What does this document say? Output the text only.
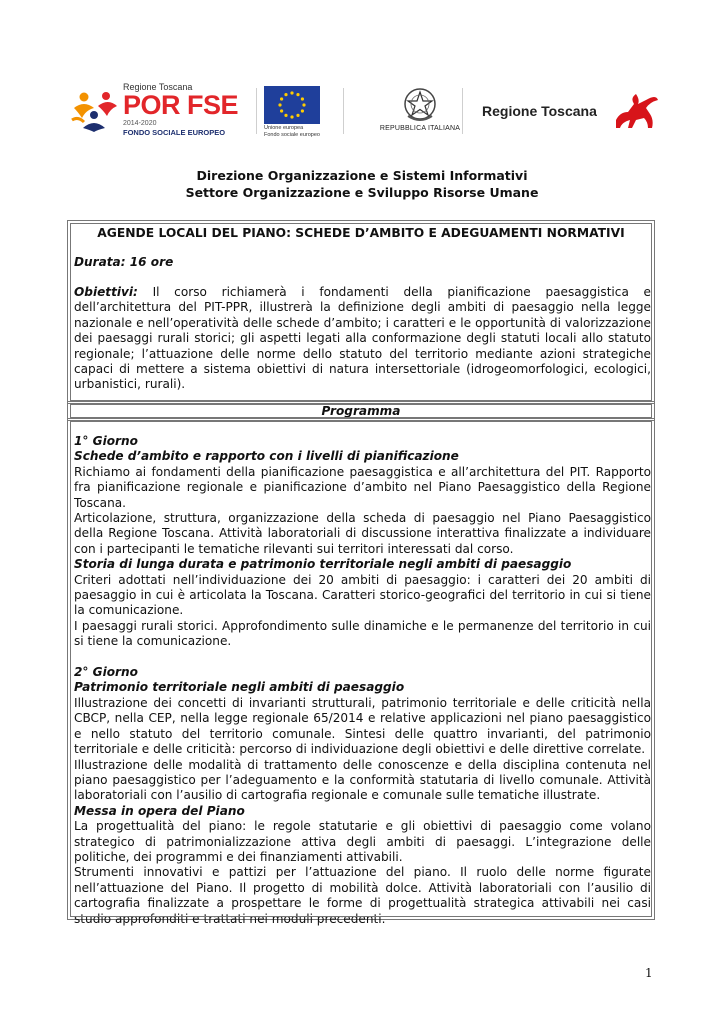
Regione Toscana
POR FSE
2014-2020
FONDO SOCIALE EUROPEO	Unione europea
Fondo sociale europeo
REPUBBLICA ITALIANA
Regione Toscana
Direzione Organizzazione e Sistemi Informativi
Settore Organizzazione e Sviluppo Risorse Umane
AGENDE LOCALI DEL PIANO: SCHEDE D’AMBITO E ADEGUAMENTI NORMATIVI
Durata: 16 ore
Obiettivi: Il corso richiamerà i fondamenti della pianificazione paesaggistica e dell’architettura del PIT-PPR, illustrerà la definizione degli ambiti di paesaggio nella legge nazionale e nell’operatività delle schede d’ambito; i caratteri e le opportunità di valorizzazione dei paesaggi rurali storici; gli aspetti legati alla conformazione degli statuti locali allo statuto regionale; l’attuazione delle norme dello statuto del territorio mediante azioni strategiche capaci di mettere a sistema obiettivi di natura intersettoriale (idrogeomorfologici, ecologici, urbanistici, rurali).
Programma
1° Giorno
Schede d’ambito e rapporto con i livelli di pianificazione
Richiamo ai fondamenti della pianificazione paesaggistica e all’architettura del PIT. Rapporto fra pianificazione regionale e pianificazione d’ambito nel Piano Paesaggistico della Regione Toscana.
Articolazione, struttura, organizzazione della scheda di paesaggio nel Piano Paesaggistico della Regione Toscana. Attività laboratoriali di discussione interattiva finalizzate a individuare con i partecipanti le tematiche rilevanti sui territori interessati dal corso.
Storia di lunga durata e patrimonio territoriale negli ambiti di paesaggio
Criteri adottati nell’individuazione dei 20 ambiti di paesaggio: i caratteri dei 20 ambiti di paesaggio in cui è articolata la Toscana. Caratteri storico-geografici del territorio in cui si tiene la comunicazione.
I paesaggi rurali storici. Approfondimento sulle dinamiche e le permanenze del territorio in cui si tiene la comunicazione.
2° Giorno
Patrimonio territoriale negli ambiti di paesaggio
Illustrazione dei concetti di invarianti strutturali, patrimonio territoriale e delle criticità nella CBCP, nella CEP, nella legge regionale 65/2014 e relative applicazioni nel piano paesaggistico e nello statuto del territorio comunale. Sintesi delle quattro invarianti, del patrimonio territoriale e delle criticità: percorso di individuazione degli obiettivi e delle direttive correlate.
Illustrazione delle modalità di trattamento delle conoscenze e della disciplina contenuta nel piano paesaggistico per l’adeguamento e la conformità statutaria di livello comunale. Attività laboratoriali con l’ausilio di cartografia regionale e comunale sulle tematiche illustrate.
Messa in opera del Piano
La progettualità del piano: le regole statutarie e gli obiettivi di paesaggio come volano strategico di patrimonializzazione attiva degli ambiti di paesaggi. L’integrazione delle politiche, dei programmi e dei finanziamenti attivabili.
Strumenti innovativi e pattizi per l’attuazione del piano. Il ruolo delle norme figurate nell’attuazione del Piano. Il progetto di mobilità dolce. Attività laboratoriali con l’ausilio di cartografia finalizzate a prospettare le forme di progettualità strategica attivabili nei casi studio approfonditi e trattati nei moduli precedenti.
1
